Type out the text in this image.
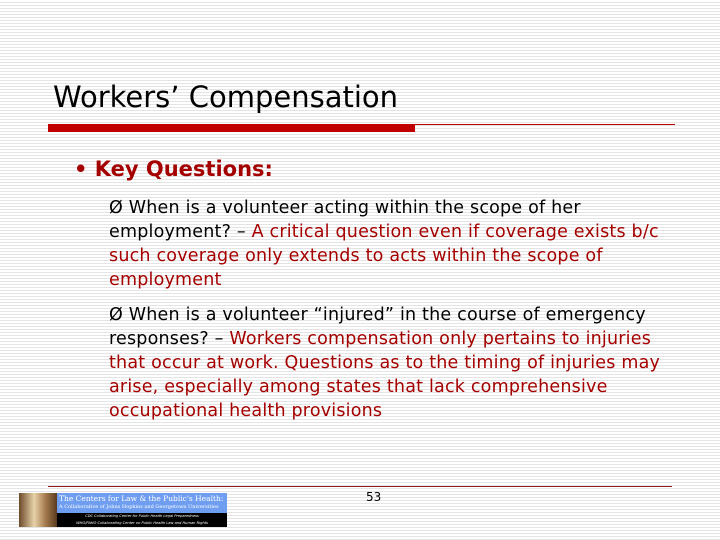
Workers’ Compensation
• Key Questions:
Ø When is a volunteer acting within the scope of her employment? – A critical question even if coverage exists b/c such coverage only extends to acts within the scope of employment
Ø When is a volunteer “injured” in the course of emergency responses? – Workers compensation only pertains to injuries that occur at work. Questions as to the timing of injuries may arise, especially among states that lack comprehensive occupational health provisions
53
The Centers for Law & the Public's Health:
A Collaborative of Johns Hopkins and Georgetown Universities
CDC Collaborating Center for Public Health Legal Preparedness
WHO/PAHO Collaborating Center on Public Health Law and Human Rights
